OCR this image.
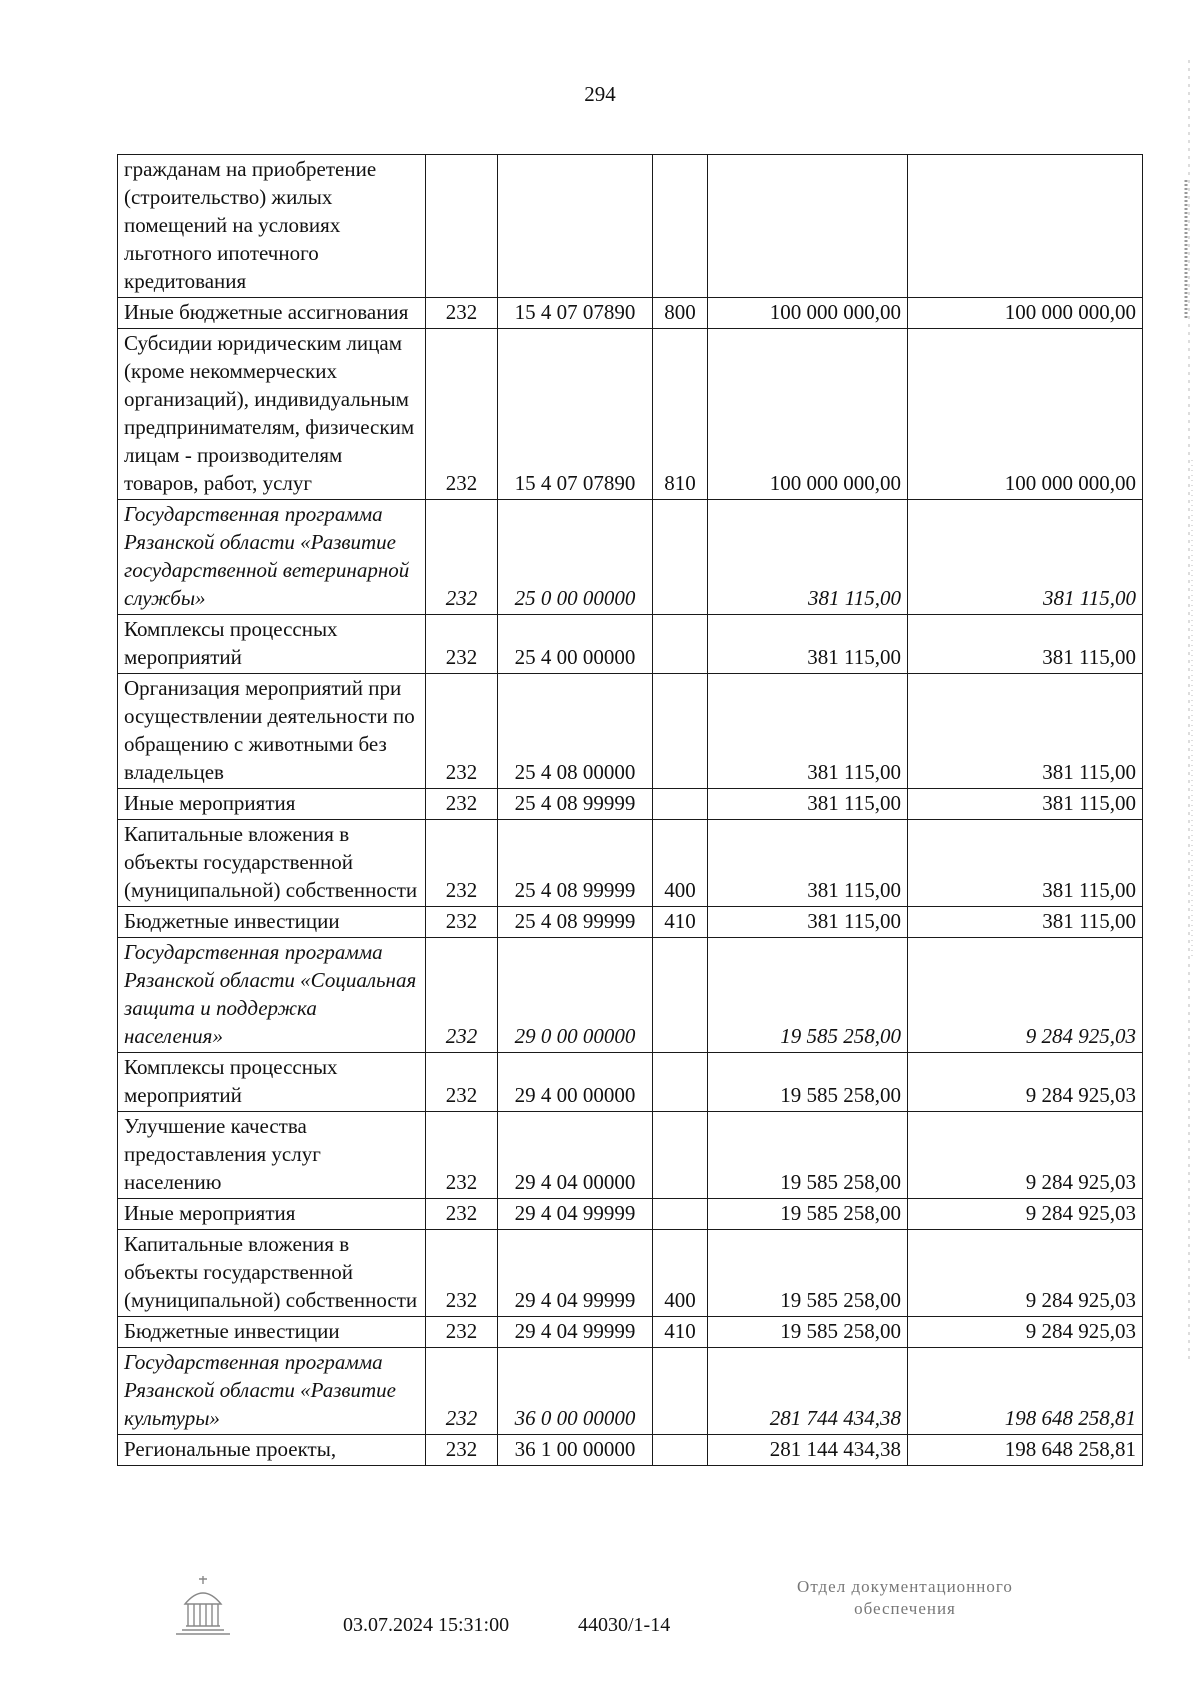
294
гражданам на приобретение (строительство) жилых помещений на условиях льготного ипотечного кредитования					
Иные бюджетные ассигнования	232	15 4 07 07890	800	100 000 000,00	100 000 000,00
Субсидии юридическим лицам (кроме некоммерческих организаций), индивидуальным предпринимателям, физическим лицам - производителям товаров, работ, услуг	232	15 4 07 07890	810	100 000 000,00	100 000 000,00
Государственная программа Рязанской области «Развитие государственной ветеринарной службы»	232	25 0 00 00000		381 115,00	381 115,00
Комплексы процессных мероприятий	232	25 4 00 00000		381 115,00	381 115,00
Организация мероприятий при осуществлении деятельности по обращению с животными без владельцев	232	25 4 08 00000		381 115,00	381 115,00
Иные мероприятия	232	25 4 08 99999		381 115,00	381 115,00
Капитальные вложения в объекты государственной (муниципальной) собственности	232	25 4 08 99999	400	381 115,00	381 115,00
Бюджетные инвестиции	232	25 4 08 99999	410	381 115,00	381 115,00
Государственная программа Рязанской области «Социальная защита и поддержка населения»	232	29 0 00 00000		19 585 258,00	9 284 925,03
Комплексы процессных мероприятий	232	29 4 00 00000		19 585 258,00	9 284 925,03
Улучшение качества предоставления услуг населению	232	29 4 04 00000		19 585 258,00	9 284 925,03
Иные мероприятия	232	29 4 04 99999		19 585 258,00	9 284 925,03
Капитальные вложения в объекты государственной (муниципальной) собственности	232	29 4 04 99999	400	19 585 258,00	9 284 925,03
Бюджетные инвестиции	232	29 4 04 99999	410	19 585 258,00	9 284 925,03
Государственная программа Рязанской области «Развитие культуры»	232	36 0 00 00000		281 744 434,38	198 648 258,81
Региональные проекты,	232	36 1 00 00000		281 144 434,38	198 648 258,81
03.07.2024 15:31:00	44030/1-14
Отдел документационного
обеспечения
